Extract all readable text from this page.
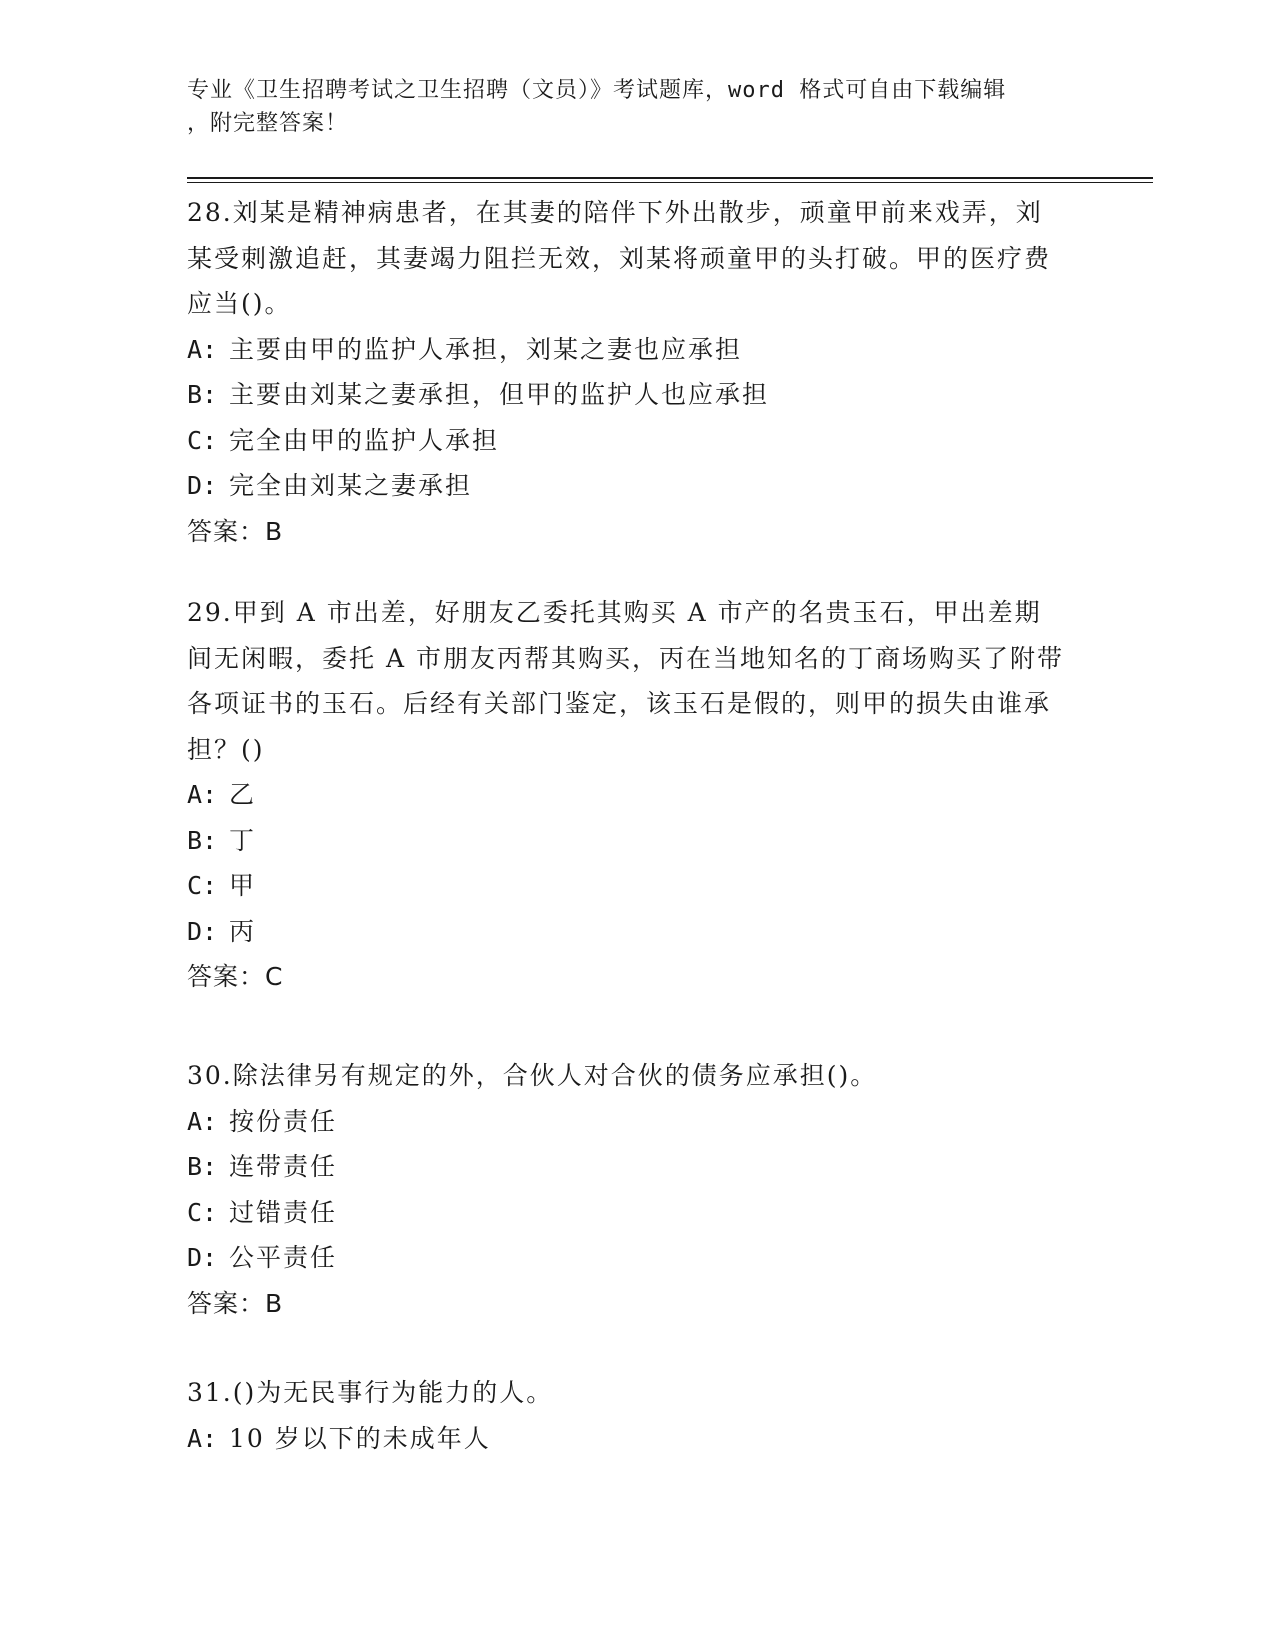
专业《卫生招聘考试之卫生招聘（文员）》考试题库，word 格式可自由下载编辑
，附完整答案！
28.刘某是精神病患者，在其妻的陪伴下外出散步，顽童甲前来戏弄，刘某受刺激追赶，其妻竭力阻拦无效，刘某将顽童甲的头打破。甲的医疗费应当()。
A: 主要由甲的监护人承担，刘某之妻也应承担
B: 主要由刘某之妻承担，但甲的监护人也应承担
C: 完全由甲的监护人承担
D: 完全由刘某之妻承担
答案：B
29.甲到 A 市出差，好朋友乙委托其购买 A 市产的名贵玉石，甲出差期间无闲暇，委托 A 市朋友丙帮其购买，丙在当地知名的丁商场购买了附带各项证书的玉石。后经有关部门鉴定，该玉石是假的，则甲的损失由谁承担？()
A: 乙
B: 丁
C: 甲
D: 丙
答案：C
30.除法律另有规定的外，合伙人对合伙的债务应承担()。
A: 按份责任
B: 连带责任
C: 过错责任
D: 公平责任
答案：B
31.()为无民事行为能力的人。
A: 10 岁以下的未成年人
